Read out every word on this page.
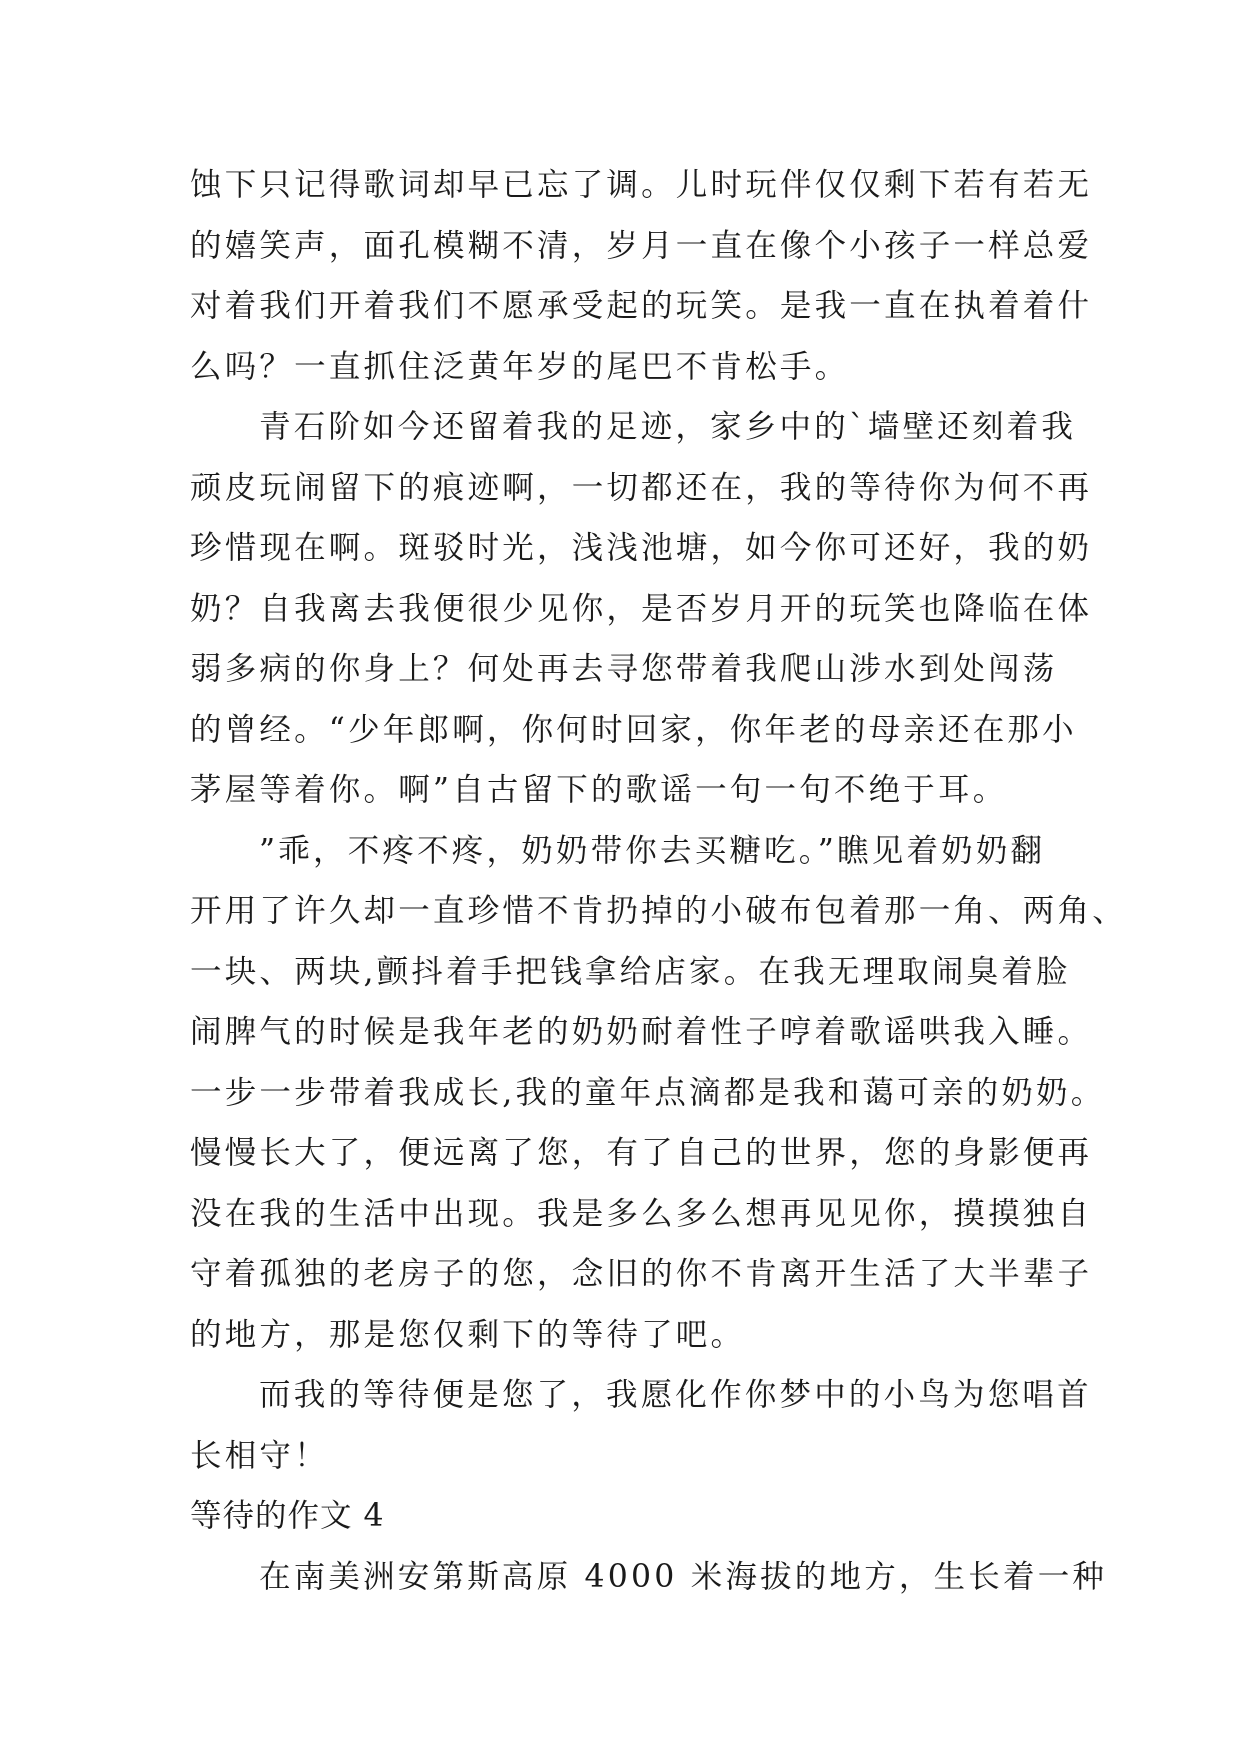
蚀下只记得歌词却早已忘了调。儿时玩伴仅仅剩下若有若无
的嬉笑声，面孔模糊不清，岁月一直在像个小孩子一样总爱
对着我们开着我们不愿承受起的玩笑。是我一直在执着着什
么吗？一直抓住泛黄年岁的尾巴不肯松手。
青石阶如今还留着我的足迹，家乡中的`墙壁还刻着我
顽皮玩闹留下的痕迹啊，一切都还在，我的等待你为何不再
珍惜现在啊。斑驳时光，浅浅池塘，如今你可还好，我的奶
奶？自我离去我便很少见你，是否岁月开的玩笑也降临在体
弱多病的你身上？何处再去寻您带着我爬山涉水到处闯荡
的曾经。“少年郎啊，你何时回家，你年老的母亲还在那小
茅屋等着你。啊”自古留下的歌谣一句一句不绝于耳。
”乖，不疼不疼，奶奶带你去买糖吃。”瞧见着奶奶翻
开用了许久却一直珍惜不肯扔掉的小破布包着那一角、两角、
一块、两块,颤抖着手把钱拿给店家。在我无理取闹臭着脸
闹脾气的时候是我年老的奶奶耐着性子哼着歌谣哄我入睡。
一步一步带着我成长,我的童年点滴都是我和蔼可亲的奶奶。
慢慢长大了，便远离了您，有了自己的世界，您的身影便再
没在我的生活中出现。我是多么多么想再见见你，摸摸独自
守着孤独的老房子的您，念旧的你不肯离开生活了大半辈子
的地方，那是您仅剩下的等待了吧。
而我的等待便是您了，我愿化作你梦中的小鸟为您唱首
长相守！
等待的作文 4
在南美洲安第斯高原 4000 米海拔的地方，生长着一种
